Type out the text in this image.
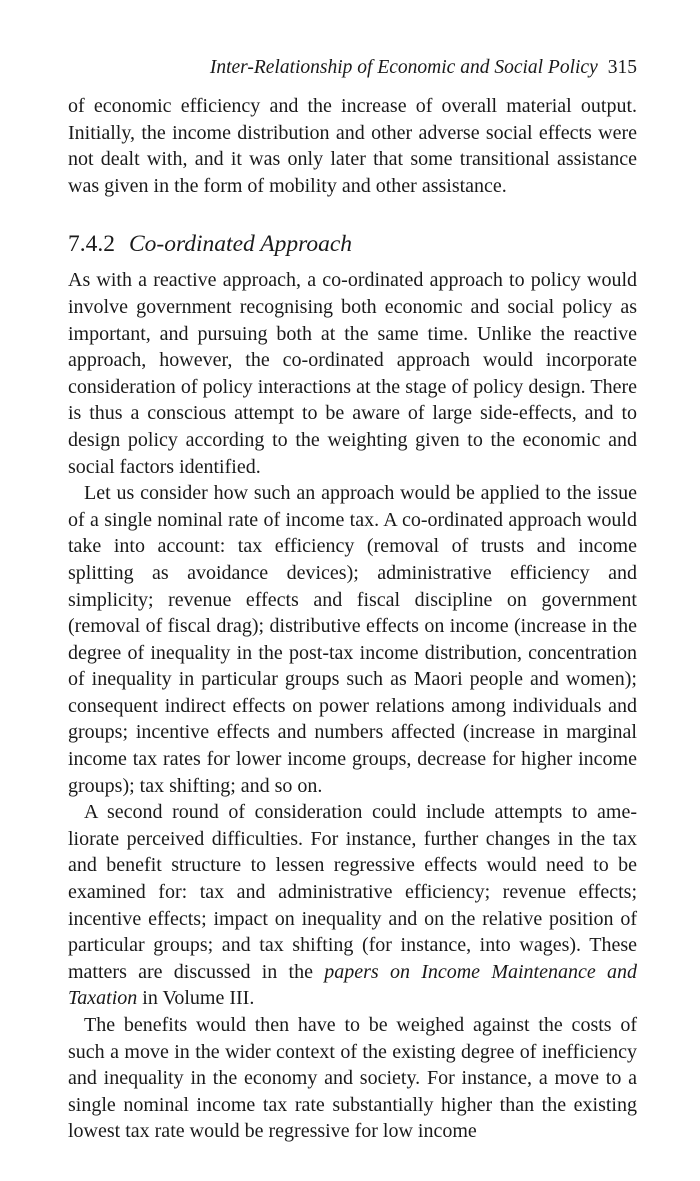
Inter-Relationship of Economic and Social Policy 315

of economic efficiency and the increase of overall material output. Initially, the income distribution and other adverse social effects were not dealt with, and it was only later that some transitional assistance was given in the form of mobility and other assistance.

7.4.2 Co-ordinated Approach

As with a reactive approach, a co-ordinated approach to policy would involve government recognising both economic and social policy as important, and pursuing both at the same time. Unlike the reactive approach, however, the co-ordinated approach would incorporate consideration of policy interactions at the stage of policy design. There is thus a conscious attempt to be aware of large side-effects, and to design policy according to the weighting given to the economic and social factors identified.

Let us consider how such an approach would be applied to the issue of a single nominal rate of income tax. A co-ordinated approach would take into account: tax efficiency (removal of trusts and income splitting as avoidance devices); administrative efficiency and simplicity; revenue effects and fiscal discipline on government (removal of fiscal drag); distributive effects on income (increase in the degree of inequality in the post-tax income distribution, concentration of inequality in particular groups such as Maori people and women); consequent indirect effects on power relations among individuals and groups; incentive effects and numbers affected (increase in marginal income tax rates for lower income groups, decrease for higher income groups); tax shifting; and so on.

A second round of consideration could include attempts to ameliorate perceived difficulties. For instance, further changes in the tax and benefit structure to lessen regressive effects would need to be examined for: tax and administrative efficiency; revenue effects; incentive effects; impact on inequality and on the relative position of particular groups; and tax shifting (for instance, into wages). These matters are discussed in the papers on Income Maintenance and Taxation in Volume III.

The benefits would then have to be weighed against the costs of such a move in the wider context of the existing degree of inefficiency and inequality in the economy and society. For instance, a move to a single nominal income tax rate substantially higher than the existing lowest tax rate would be regressive for low income
